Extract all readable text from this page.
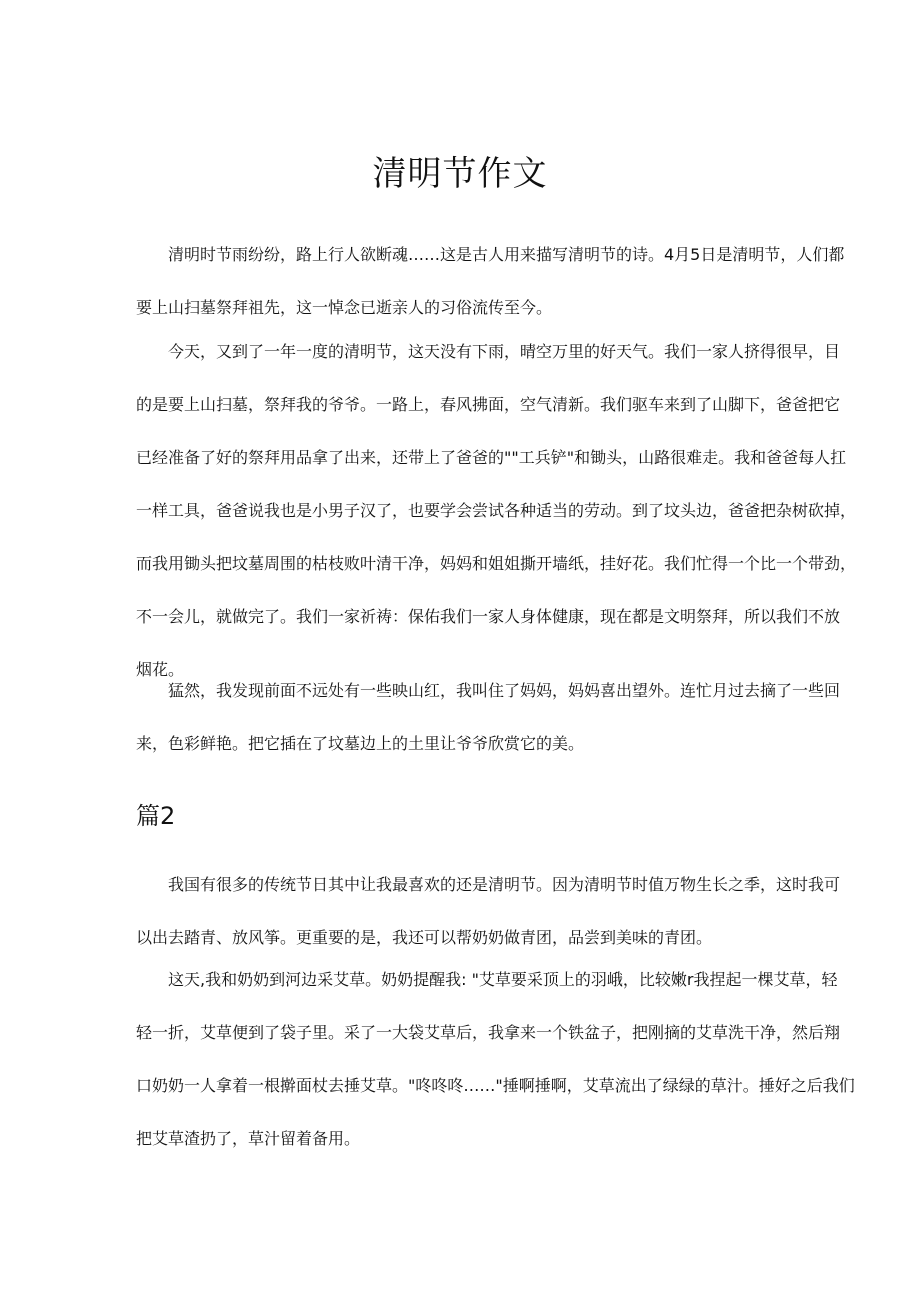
清明节作文
清明时节雨纷纷，路上行人欲断魂……这是古人用来描写清明节的诗。4月5日是清明节，人们都
要上山扫墓祭拜祖先，这一悼念已逝亲人的习俗流传至今。
今天，又到了一年一度的清明节，这天没有下雨，晴空万里的好天气。我们一家人挤得很早，目
的是要上山扫墓，祭拜我的爷爷。一路上，春风拂面，空气清新。我们驱车来到了山脚下，爸爸把它
已经准备了好的祭拜用品拿了出来，还带上了爸爸的""工兵铲"和锄头，山路很难走。我和爸爸每人扛
一样工具，爸爸说我也是小男子汉了，也要学会尝试各种适当的劳动。到了坟头边，爸爸把杂树砍掉，
而我用锄头把坟墓周围的枯枝败叶清干净，妈妈和姐姐撕开墙纸，挂好花。我们忙得一个比一个带劲，
不一会儿，就做完了。我们一家祈祷：保佑我们一家人身体健康，现在都是文明祭拜，所以我们不放
烟花。
猛然，我发现前面不远处有一些映山红，我叫住了妈妈，妈妈喜出望外。连忙月过去摘了一些回
来，色彩鲜艳。把它插在了坟墓边上的土里让爷爷欣赏它的美。
篇2
我国有很多的传统节日其中让我最喜欢的还是清明节。因为清明节时值万物生长之季，这时我可
以出去踏青、放风筝。更重要的是，我还可以帮奶奶做青团，品尝到美味的青团。
这天,我和奶奶到河边采艾草。奶奶提醒我: "艾草要采顶上的羽峨，比较嫩r我捏起一棵艾草，轻
轻一折，艾草便到了袋子里。采了一大袋艾草后，我拿来一个铁盆子，把刚摘的艾草洗干净，然后翔
口奶奶一人拿着一根擀面杖去捶艾草。"咚咚咚……"捶啊捶啊，艾草流出了绿绿的草汁。捶好之后我们
把艾草渣扔了，草汁留着备用。
